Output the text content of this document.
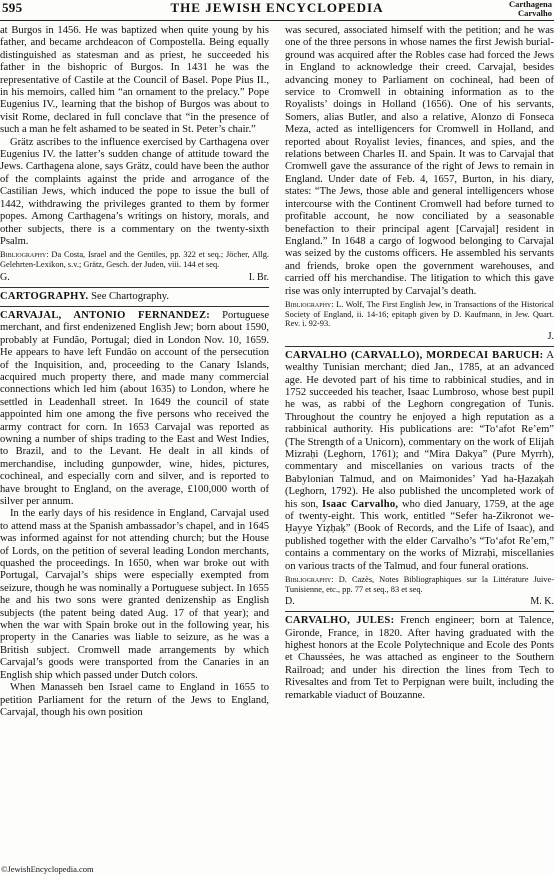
595	THE JEWISH ENCYCLOPEDIA	Carthagena
Carvalho

at Burgos in 1456. He was baptized when quite young by his father, and became archdeacon of Compostella. Being equally distinguished as statesman and as priest, he succeeded his father in the bishopric of Burgos. In 1431 he was the representative of Castile at the Council of Basel. Pope Pius II., in his memoirs, called him “an ornament to the prelacy.” Pope Eugenius IV., learning that the bishop of Burgos was about to visit Rome, declared in full conclave that “in the presence of such a man he felt ashamed to be seated in St. Peter’s chair.”

Grätz ascribes to the influence exercised by Carthagena over Eugenius IV. the latter’s sudden change of attitude toward the Jews. Carthagena alone, says Grätz, could have been the author of the complaints against the pride and arrogance of the Castilian Jews, which induced the pope to issue the bull of 1442, withdrawing the privileges granted to them by former popes. Among Carthagena’s writings on history, morals, and other subjects, there is a commentary on the twenty-sixth Psalm.

Bibliography: Da Costa, Israel and the Gentiles, pp. 322 et seq.; Jöcher, Allg. Gelehrten-Lexikon, s.v.; Grätz, Gesch. der Juden, viii. 144 et seq.

G.	I. Br.

CARTOGRAPHY. See Chartography.

CARVAJAL, ANTONIO FERNANDEZ: Portuguese merchant, and first endenizened English Jew; born about 1590, probably at Fundão, Portugal; died in London Nov. 10, 1659. He appears to have left Fundão on account of the persecution of the Inquisition, and, proceeding to the Canary Islands, acquired much property there, and made many commercial connections which led him (about 1635) to London, where he settled in Leadenhall street. In 1649 the council of state appointed him one among the five persons who received the army contract for corn. In 1653 Carvajal was reported as owning a number of ships trading to the East and West Indies, to Brazil, and to the Levant. He dealt in all kinds of merchandise, including gunpowder, wine, hides, pictures, cochineal, and especially corn and silver, and is reported to have brought to England, on the average, £100,000 worth of silver per annum.

In the early days of his residence in England, Carvajal used to attend mass at the Spanish ambassador’s chapel, and in 1645 was informed against for not attending church; but the House of Lords, on the petition of several leading London merchants, quashed the proceedings. In 1650, when war broke out with Portugal, Carvajal’s ships were especially exempted from seizure, though he was nominally a Portuguese subject. In 1655 he and his two sons were granted denizenship as English subjects (the patent being dated Aug. 17 of that year); and when the war with Spain broke out in the following year, his property in the Canaries was liable to seizure, as he was a British subject. Cromwell made arrangements by which Carvajal’s goods were transported from the Canaries in an English ship which passed under Dutch colors.

When Manasseh ben Israel came to England in 1655 to petition Parliament for the return of the Jews to England, Carvajal, though his own position

was secured, associated himself with the petition; and he was one of the three persons in whose names the first Jewish burial-ground was acquired after the Robles case had forced the Jews in England to acknowledge their creed. Carvajal, besides advancing money to Parliament on cochineal, had been of service to Cromwell in obtaining information as to the Royalists’ doings in Holland (1656). One of his servants, Somers, alias Butler, and also a relative, Alonzo di Fonseca Meza, acted as intelligencers for Cromwell in Holland, and reported about Royalist levies, finances, and spies, and the relations between Charles II. and Spain. It was to Carvajal that Cromwell gave the assurance of the right of Jews to remain in England. Under date of Feb. 4, 1657, Burton, in his diary, states: “The Jews, those able and general intelligencers whose intercourse with the Continent Cromwell had before turned to profitable account, he now conciliated by a seasonable benefaction to their principal agent [Carvajal] resident in England.” In 1648 a cargo of logwood belonging to Carvajal was seized by the customs officers. He assembled his servants and friends, broke open the government warehouses, and carried off his merchandise. The litigation to which this gave rise was only interrupted by Carvajal’s death.

Bibliography: L. Wolf, The First English Jew, in Transactions of the Historical Society of England, ii. 14-16; epitaph given by D. Kaufmann, in Jew. Quart. Rev. i. 92-93.

J.

CARVALHO (CARVALLO), MORDECAI BARUCH: A wealthy Tunisian merchant; died Jan., 1785, at an advanced age. He devoted part of his time to rabbinical studies, and in 1752 succeeded his teacher, Isaac Lumbroso, whose best pupil he was, as rabbi of the Leghorn congregation of Tunis. Throughout the country he enjoyed a high reputation as a rabbinical authority. His publications are: “To‘afot Re’em” (The Strength of a Unicorn), commentary on the work of Elijah Mizraḥi (Leghorn, 1761); and “Mira Dakya” (Pure Myrrh), commentary and miscellanies on various tracts of the Babylonian Talmud, and on Maimonides’ Yad ha-Ḥazaḳah (Leghorn, 1792). He also published the uncompleted work of his son, Isaac Carvalho, who died January, 1759, at the age of twenty-eight. This work, entitled “Sefer ha-Zikronot we-Ḥayye Yiẓḥaḳ” (Book of Records, and the Life of Isaac), and published together with the elder Carvalho’s “To‘afot Re’em,” contains a commentary on the works of Mizraḥi, miscellanies on various tracts of the Talmud, and four funeral orations.

Bibliography: D. Cazès, Notes Bibliographiques sur la Littérature Juive-Tunisienne, etc., pp. 77 et seq., 83 et seq.

D.	M. K.

CARVALHO, JULES: French engineer; born at Talence, Gironde, France, in 1820. After having graduated with the highest honors at the Ecole Polytechnique and Ecole des Ponts et Chaussées, he was attached as engineer to the Southern Railroad; and under his direction the lines from Tech to Rivesaltes and from Tet to Perpignan were built, including the remarkable viaduct of Bouzanne.

©JewishEncyclopedia.com
